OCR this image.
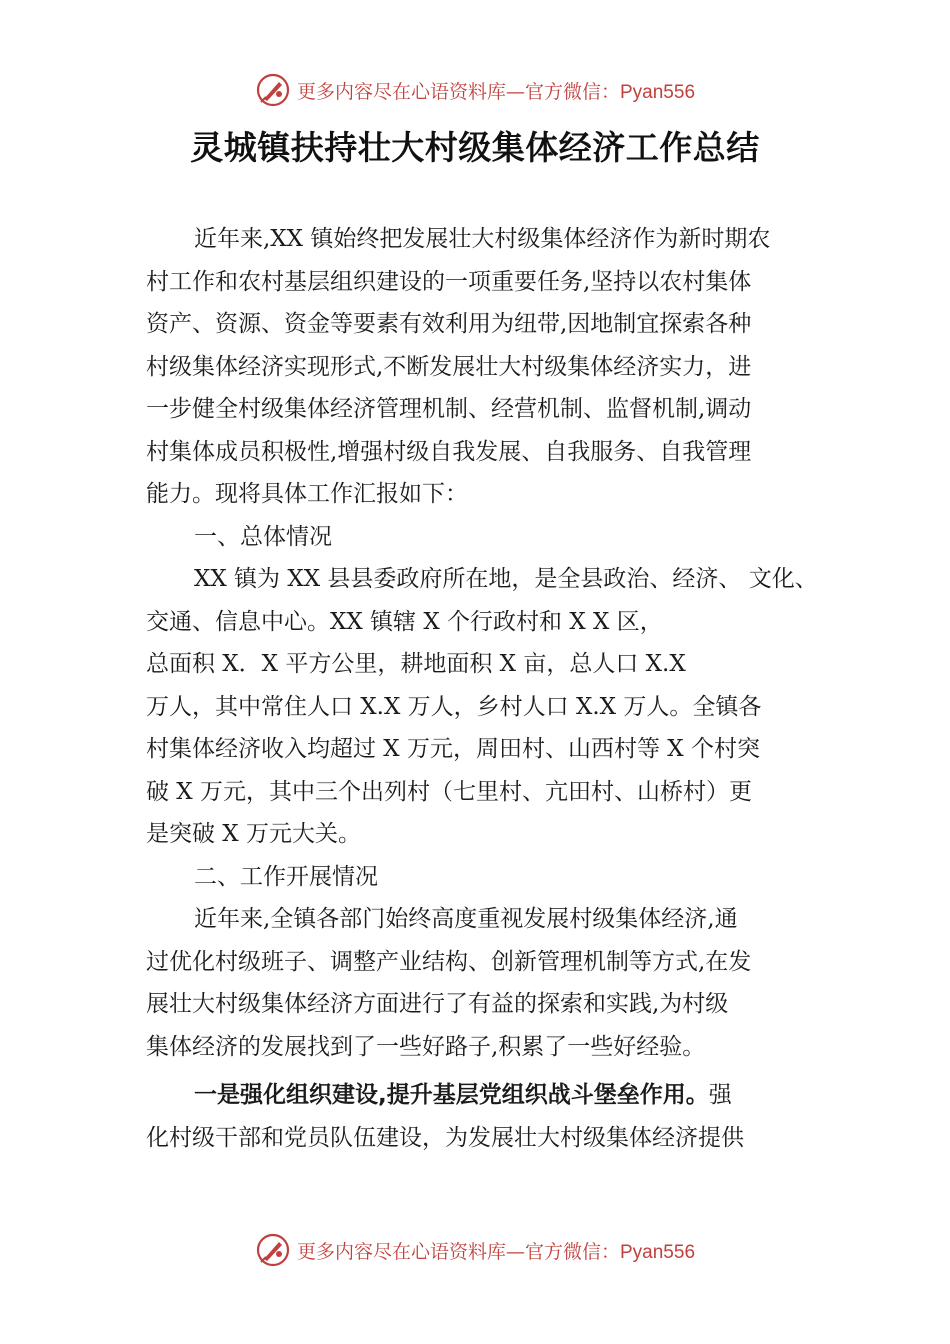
更多内容尽在心语资料库—官方微信：Pyan556
灵城镇扶持壮大村级集体经济工作总结
近年来,XX 镇始终把发展壮大村级集体经济作为新时期农
村工作和农村基层组织建设的一项重要任务,坚持以农村集体
资产、资源、资金等要素有效利用为纽带,因地制宜探索各种
村级集体经济实现形式,不断发展壮大村级集体经济实力，进
一步健全村级集体经济管理机制、经营机制、监督机制,调动
村集体成员积极性,增强村级自我发展、自我服务、自我管理
能力。现将具体工作汇报如下：
一、总体情况
XX 镇为 XX 县县委政府所在地，是全县政治、经济、 文化、
交通、信息中心。XX 镇辖 X 个行政村和 X X 区，
总面积 X．X 平方公里，耕地面积 X 亩，总人口 X.X
万人，其中常住人口 X.X 万人，乡村人口 X.X 万人。全镇各
村集体经济收入均超过 X 万元，周田村、山西村等 X 个村突
破 X 万元，其中三个出列村（七里村、亢田村、山桥村）更
是突破 X 万元大关。
二、工作开展情况
近年来,全镇各部门始终高度重视发展村级集体经济,通
过优化村级班子、调整产业结构、创新管理机制等方式,在发
展壮大村级集体经济方面进行了有益的探索和实践,为村级
集体经济的发展找到了一些好路子,积累了一些好经验。
一是强化组织建设,提升基层党组织战斗堡垒作用。强
化村级干部和党员队伍建设，为发展壮大村级集体经济提供
更多内容尽在心语资料库—官方微信：Pyan556
